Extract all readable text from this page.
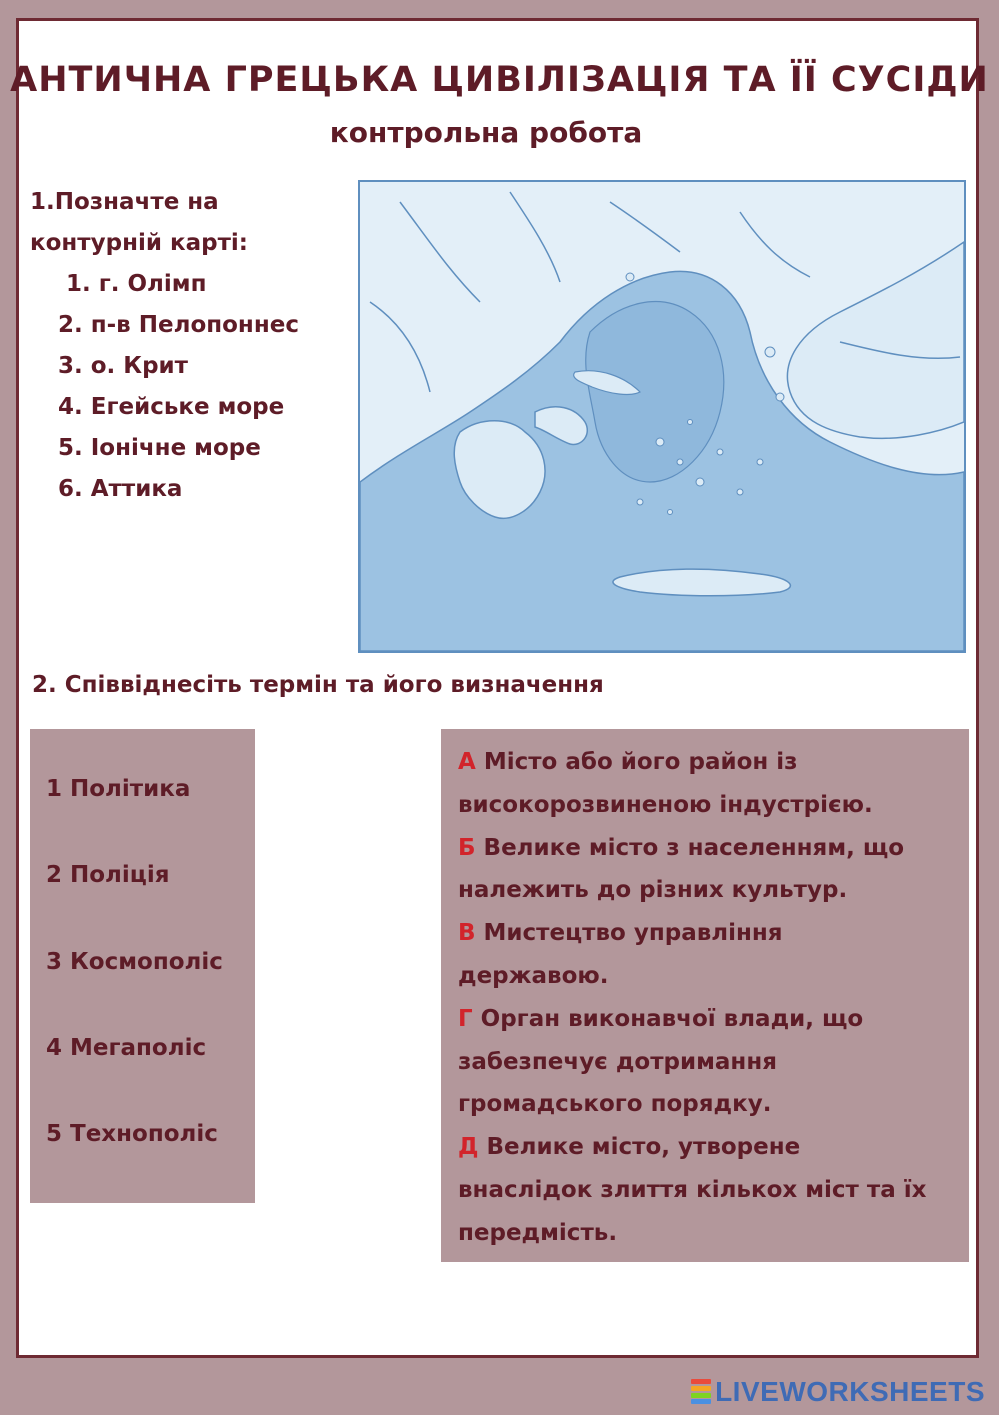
АНТИЧНА ГРЕЦЬКА ЦИВІЛІЗАЦІЯ ТА ЇЇ СУСІДИ
контрольна робота
1.Позначте на
контурній карті:
1. г. Олімп
2. п-в Пелопоннес
3. о. Крит
4. Егейське море
5. Іонічне море
6. Аттика
2. Співвіднесіть термін та його визначення
1 Політика
2 Поліція
3 Космополіс
4 Мегаполіс
5 Технополіс
А Місто або його район із
високорозвиненою індустрією.
Б Велике місто з населенням, що
належить до різних культур.
В Мистецтво управління
державою.
Г Орган виконавчої влади, що
забезпечує дотримання
громадського порядку.
Д Велике місто, утворене
внаслідок злиття кількох міст та їх
передмість.
LIVEWORKSHEETS
